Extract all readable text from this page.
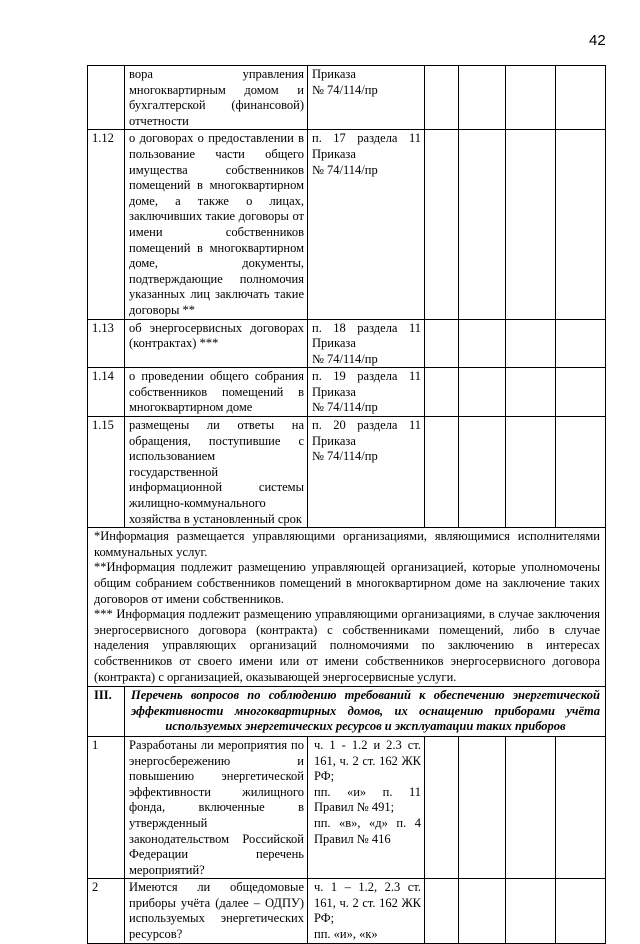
42
	вора управления многоквартирным домом и бухгалтерской (финансовой) отчетности	Приказа
№ 74/114/пр				
1.12	о договорах о предоставлении в пользование части общего имущества собственников помещений в многоквартирном доме, а также о лицах, заключивших такие договоры от имени собственников помещений в многоквартирном доме, документы, подтверждающие полномочия указанных лиц заключать такие договоры **	п. 17 раздела 11 Приказа
№ 74/114/пр				
1.13	об энергосервисных договорах (контрактах) ***	п. 18 раздела 11 Приказа
№ 74/114/пр				
1.14	о проведении общего собрания собственников помещений в многоквартирном доме	п. 19 раздела 11 Приказа
№ 74/114/пр				
1.15	размещены ли ответы на обращения, поступившие с использованием государственной информационной системы жилищно-коммунального хозяйства в установленный срок	п. 20 раздела 11 Приказа
№ 74/114/пр				

*Информация размещается управляющими организациями, являющимися исполнителями коммунальных услуг.
**Информация подлежит размещению управляющей организацией, которые уполномочены общим собранием собственников помещений в многоквартирном доме на заключение таких договоров от имени собственников.
*** Информация подлежит размещению управляющими организациями, в случае заключения энергосервисного договора (контракта) с собственниками помещений, либо в случае наделения управляющих организаций полномочиями по заключению в интересах собственников от своего имени или от имени собственников энергосервисного договора (контракта) с организацией, оказывающей энергосервисные услуги.						

III.	Перечень вопросов по соблюдению требований к обеспечению энергетической эффективности многоквартирных домов, их оснащению приборами учёта используемых энергетических ресурсов и эксплуатации таких приборов					
1	Разработаны ли мероприятия по энергосбережению и повышению энергетической эффективности жилищного фонда, включенные в утвержденный законодательством Российской Федерации перечень мероприятий?	ч. 1 - 1.2 и 2.3 ст. 161, ч. 2 ст. 162 ЖК РФ;
пп. «и» п. 11 Правил № 491;
пп. «в», «д» п. 4 Правил № 416				
2	Имеются ли общедомовые приборы учёта (далее – ОДПУ) используемых энергетических ресурсов?	ч. 1 – 1.2, 2.3 ст. 161, ч. 2 ст. 162 ЖК РФ;
пп. «и», «к»				
